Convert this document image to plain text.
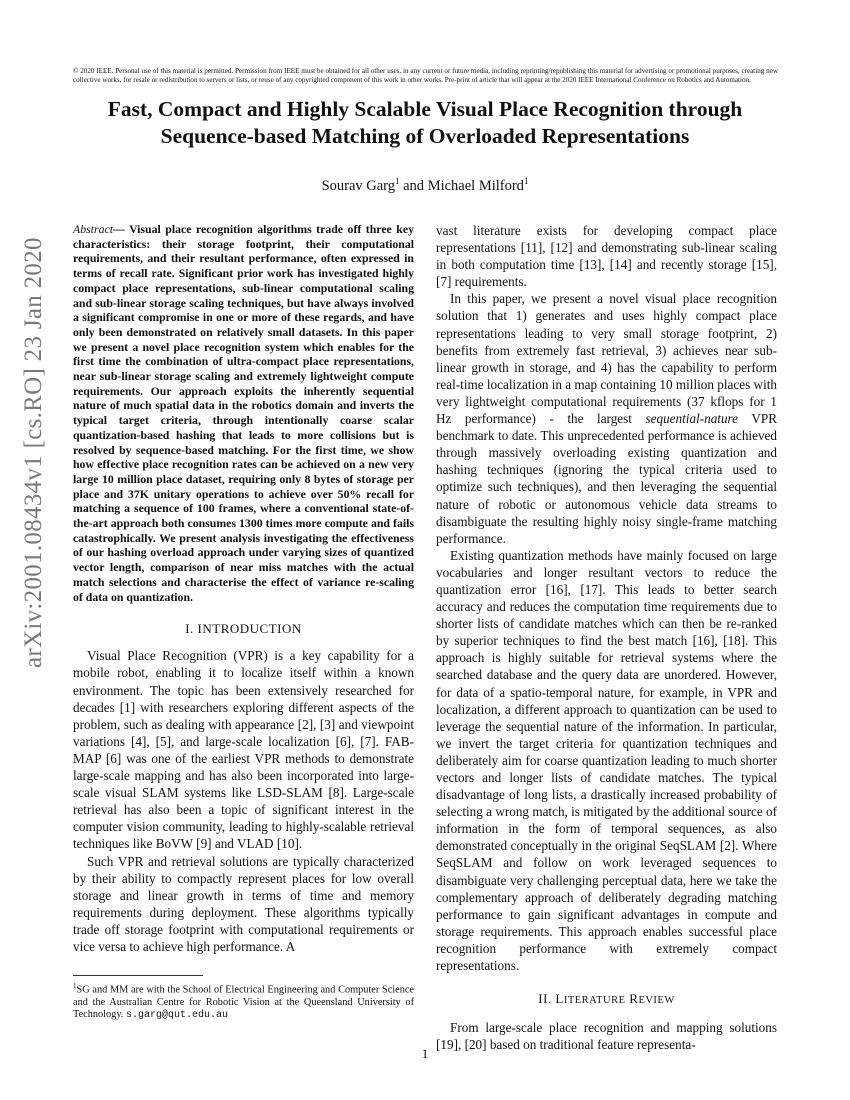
© 2020 IEEE. Personal use of this material is permitted. Permission from IEEE must be obtained for all other uses, in any current or future media, including reprinting/republishing this material for advertising or promotional purposes, creating new collective works, for resale or redistribution to servers or lists, or reuse of any copyrighted component of this work in other works. Pre-print of article that will appear at the 2020 IEEE International Conference on Robotics and Automation.
arXiv:2001.08434v1 [cs.RO] 23 Jan 2020
Fast, Compact and Highly Scalable Visual Place Recognition through Sequence-based Matching of Overloaded Representations
Sourav Garg$^1$ and Michael Milford$^1$

Abstract— Visual place recognition algorithms trade off three key characteristics: their storage footprint, their computational requirements, and their resultant performance, often expressed in terms of recall rate. Significant prior work has investigated highly compact place representations, sub-linear computational scaling and sub-linear storage scaling techniques, but have always involved a significant compromise in one or more of these regards, and have only been demonstrated on relatively small datasets. In this paper we present a novel place recognition system which enables for the first time the combination of ultra-compact place representations, near sub-linear storage scaling and extremely lightweight compute requirements. Our approach exploits the inherently sequential nature of much spatial data in the robotics domain and inverts the typical target criteria, through intentionally coarse scalar quantization-based hashing that leads to more collisions but is resolved by sequence-based matching. For the first time, we show how effective place recognition rates can be achieved on a new very large 10 million place dataset, requiring only 8 bytes of storage per place and 37K unitary operations to achieve over 50% recall for matching a sequence of 100 frames, where a conventional state-of-the-art approach both consumes 1300 times more compute and fails catastrophically. We present analysis investigating the effectiveness of our hashing overload approach under varying sizes of quantized vector length, comparison of near miss matches with the actual match selections and characterise the effect of variance re-scaling of data on quantization.

I. INTRODUCTION

Visual Place Recognition (VPR) is a key capability for a mobile robot, enabling it to localize itself within a known environment. The topic has been extensively researched for decades [1] with researchers exploring different aspects of the problem, such as dealing with appearance [2], [3] and viewpoint variations [4], [5], and large-scale localization [6], [7]. FAB-MAP [6] was one of the earliest VPR methods to demonstrate large-scale mapping and has also been incorporated into large-scale visual SLAM systems like LSD-SLAM [8]. Large-scale retrieval has also been a topic of significant interest in the computer vision community, leading to highly-scalable retrieval techniques like BoVW [9] and VLAD [10].

Such VPR and retrieval solutions are typically characterized by their ability to compactly represent places for low overall storage and linear growth in terms of time and memory requirements during deployment. These algorithms typically trade off storage footprint with computational requirements or vice versa to achieve high performance. A

vast literature exists for developing compact place representations [11], [12] and demonstrating sub-linear scaling in both computation time [13], [14] and recently storage [15], [7] requirements.

In this paper, we present a novel visual place recognition solution that 1) generates and uses highly compact place representations leading to very small storage footprint, 2) benefits from extremely fast retrieval, 3) achieves near sub-linear growth in storage, and 4) has the capability to perform real-time localization in a map containing 10 million places with very lightweight computational requirements (37 kflops for 1 Hz performance) - the largest sequential-nature VPR benchmark to date. This unprecedented performance is achieved through massively overloading existing quantization and hashing techniques (ignoring the typical criteria used to optimize such techniques), and then leveraging the sequential nature of robotic or autonomous vehicle data streams to disambiguate the resulting highly noisy single-frame matching performance.

Existing quantization methods have mainly focused on large vocabularies and longer resultant vectors to reduce the quantization error [16], [17]. This leads to better search accuracy and reduces the computation time requirements due to shorter lists of candidate matches which can then be re-ranked by superior techniques to find the best match [16], [18]. This approach is highly suitable for retrieval systems where the searched database and the query data are unordered. However, for data of a spatio-temporal nature, for example, in VPR and localization, a different approach to quantization can be used to leverage the sequential nature of the information. In particular, we invert the target criteria for quantization techniques and deliberately aim for coarse quantization leading to much shorter vectors and longer lists of candidate matches. The typical disadvantage of long lists, a drastically increased probability of selecting a wrong match, is mitigated by the additional source of information in the form of temporal sequences, as also demonstrated conceptually in the original SeqSLAM [2]. Where SeqSLAM and follow on work leveraged sequences to disambiguate very challenging perceptual data, here we take the complementary approach of deliberately degrading matching performance to gain significant advantages in compute and storage requirements. This approach enables successful place recognition performance with extremely compact representations.

II. LITERATURE REVIEW

From large-scale place recognition and mapping solutions [19], [20] based on traditional feature representa-

$^1$SG and MM are with the School of Electrical Engineering and Computer Science and the Australian Centre for Robotic Vision at the Queensland University of Technology. s.garg@qut.edu.au
1
